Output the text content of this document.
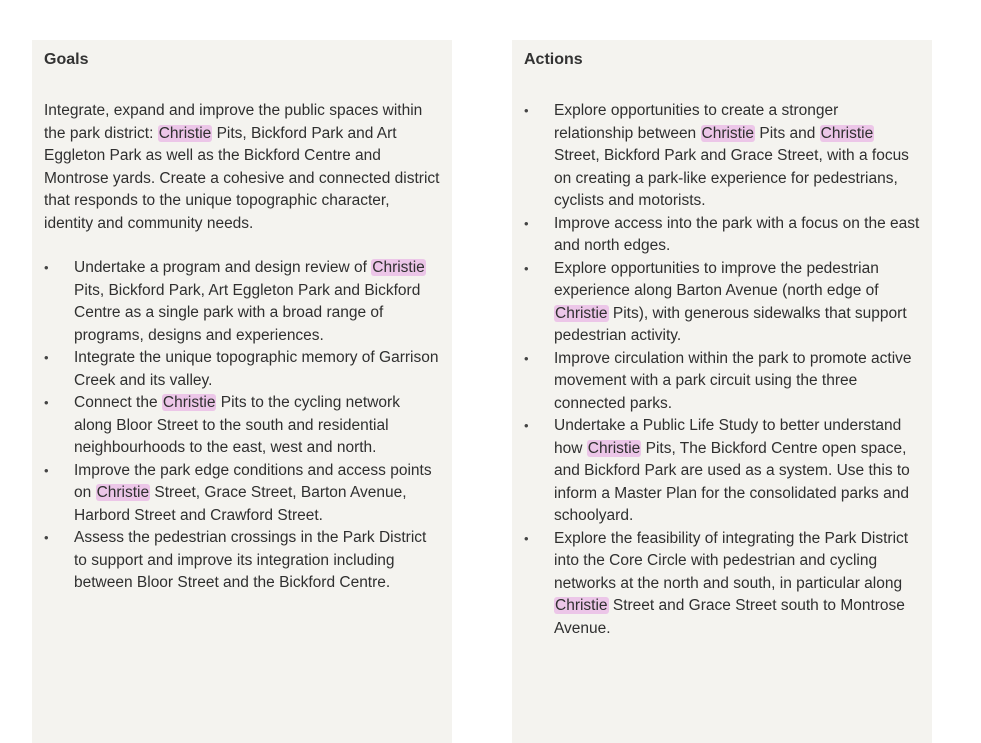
Goals

Integrate, expand and improve the public spaces within the park district: Christie Pits, Bickford Park and Art Eggleton Park as well as the Bickford Centre and Montrose yards. Create a cohesive and connected district that responds to the unique topographic character, identity and community needs.

•	Undertake a program and design review of Christie Pits, Bickford Park, Art Eggleton Park and Bickford Centre as a single park with a broad range of programs, designs and experiences.
•	Integrate the unique topographic memory of Garrison Creek and its valley.
•	Connect the Christie Pits to the cycling network along Bloor Street to the south and residential neighbourhoods to the east, west and north.
•	Improve the park edge conditions and access points on Christie Street, Grace Street, Barton Avenue, Harbord Street and Crawford Street.
•	Assess the pedestrian crossings in the Park District to support and improve its integration including between Bloor Street and the Bickford Centre.
Actions
•	Explore opportunities to create a stronger relationship between Christie Pits and Christie Street, Bickford Park and Grace Street, with a focus on creating a park-like experience for pedestrians, cyclists and motorists.
•	Improve access into the park with a focus on the east and north edges.
•	Explore opportunities to improve the pedestrian experience along Barton Avenue (north edge of Christie Pits), with generous sidewalks that support pedestrian activity.
•	Improve circulation within the park to promote active movement with a park circuit using the three connected parks.
•	Undertake a Public Life Study to better understand how Christie Pits, The Bickford Centre open space, and Bickford Park are used as a system. Use this to inform a Master Plan for the consolidated parks and schoolyard.
•	Explore the feasibility of integrating the Park District into the Core Circle with pedestrian and cycling networks at the north and south, in particular along Christie Street and Grace Street south to Montrose Avenue.
